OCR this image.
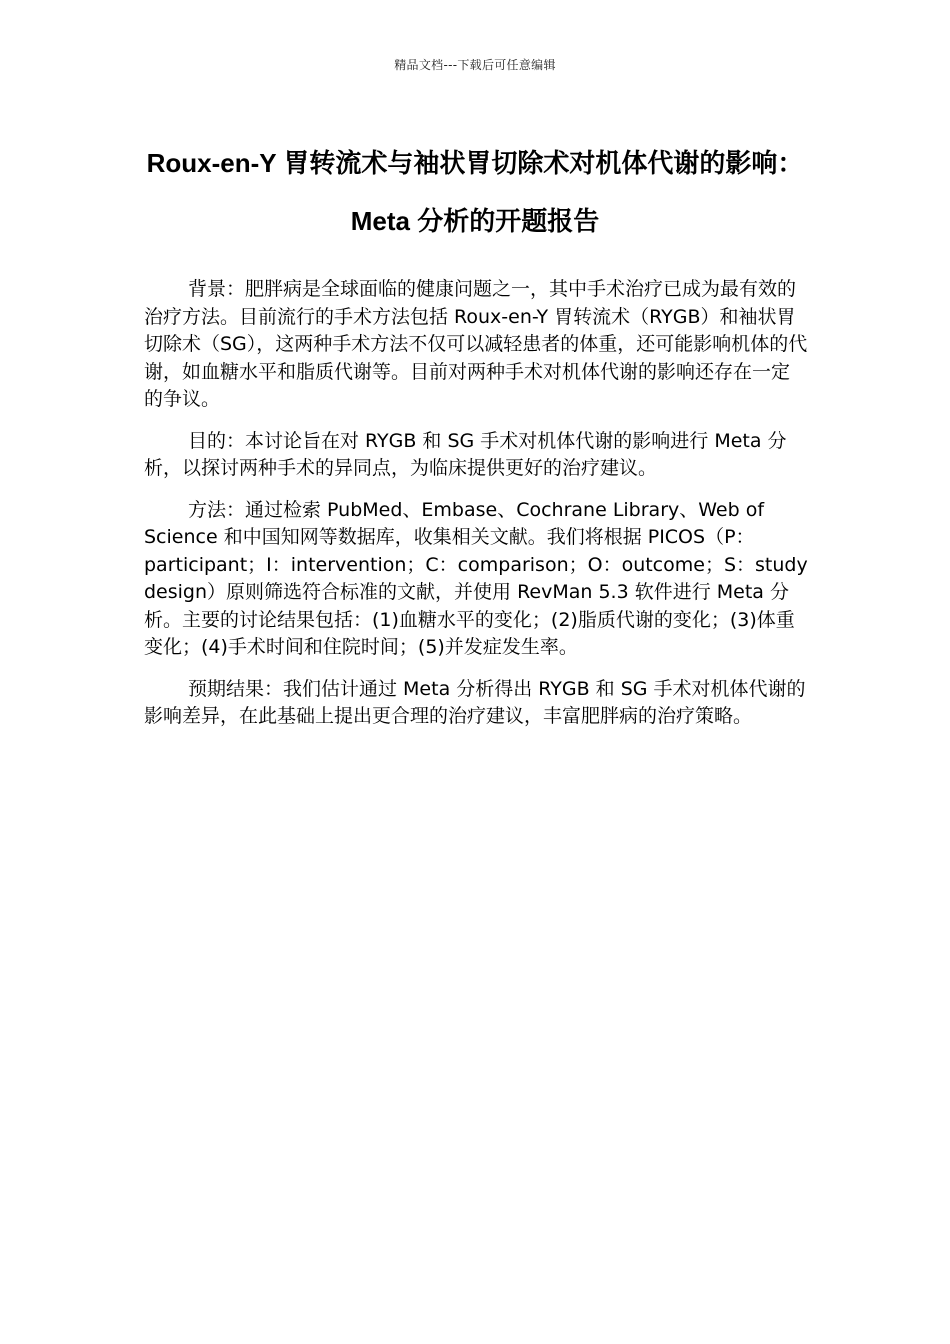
精品文档---下载后可任意编辑
Roux-en-Y 胃转流术与袖状胃切除术对机体代谢的影响：Meta 分析的开题报告

背景：肥胖病是全球面临的健康问题之一，其中手术治疗已成为最有效的治疗方法。目前流行的手术方法包括 Roux-en-Y 胃转流术（RYGB）和袖状胃切除术（SG），这两种手术方法不仅可以减轻患者的体重，还可能影响机体的代谢，如血糖水平和脂质代谢等。目前对两种手术对机体代谢的影响还存在一定的争议。

目的：本讨论旨在对 RYGB 和 SG 手术对机体代谢的影响进行 Meta 分析，以探讨两种手术的异同点，为临床提供更好的治疗建议。

方法：通过检索 PubMed、Embase、Cochrane Library、Web of Science 和中国知网等数据库，收集相关文献。我们将根据 PICOS（P：participant；I：intervention；C：comparison；O：outcome；S：study design）原则筛选符合标准的文献，并使用 RevMan 5.3 软件进行 Meta 分析。主要的讨论结果包括：(1)血糖水平的变化；(2)脂质代谢的变化；(3)体重变化；(4)手术时间和住院时间；(5)并发症发生率。

预期结果：我们估计通过 Meta 分析得出 RYGB 和 SG 手术对机体代谢的影响差异，在此基础上提出更合理的治疗建议，丰富肥胖病的治疗策略。
